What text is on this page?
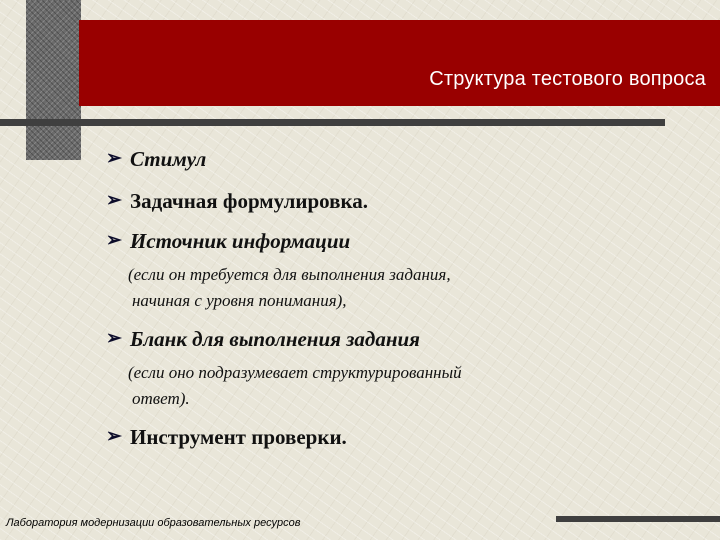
Структура тестового вопроса
➢ Стимул
➢ Задачная формулировка.
➢ Источник информации
(если он требуется для выполнения задания,
начиная с уровня понимания),
➢ Бланк для выполнения задания
(если оно подразумевает структурированный
ответ).
➢ Инструмент проверки.
Лаборатория модернизации образовательных ресурсов
